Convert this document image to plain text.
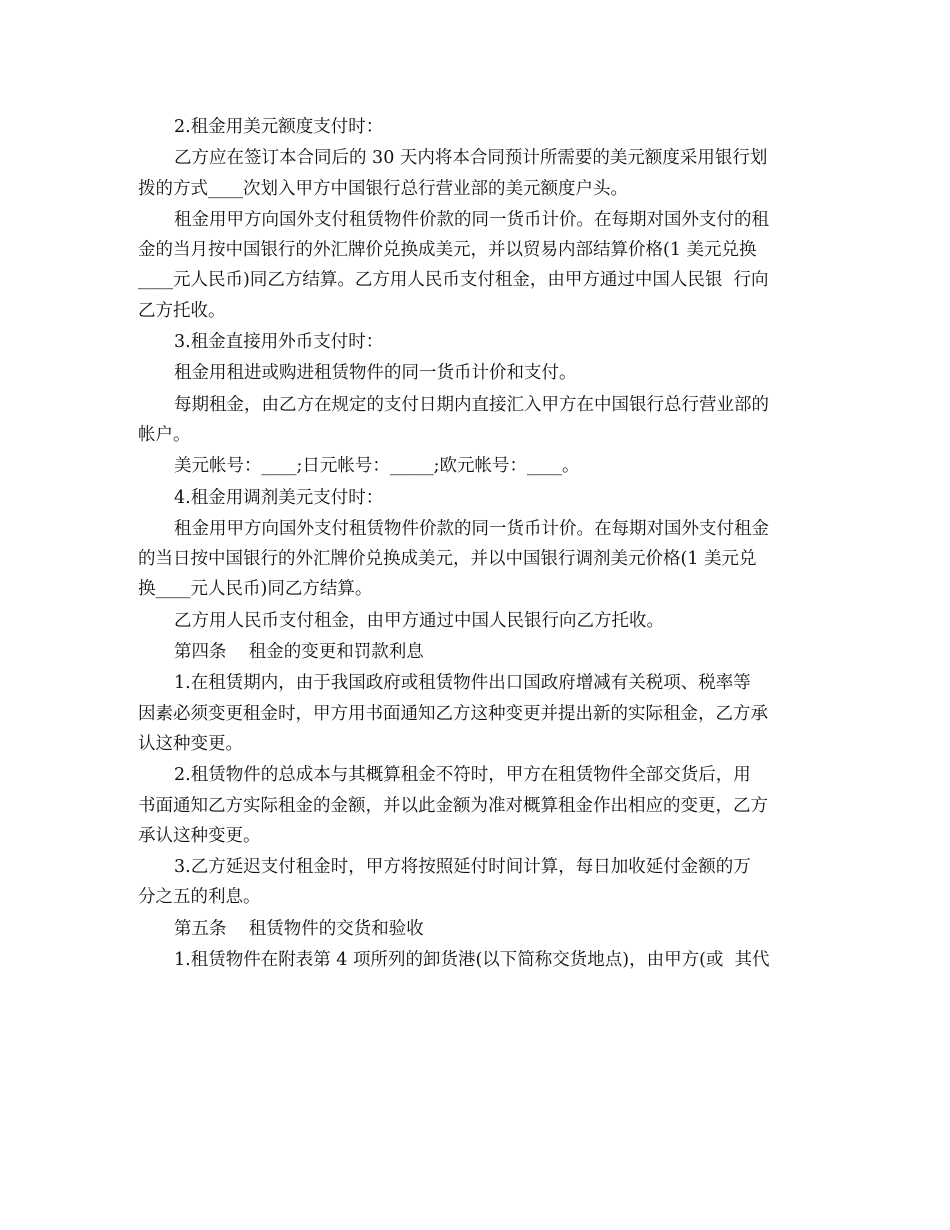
2.租金用美元额度支付时：
乙方应在签订本合同后的 30 天内将本合同预计所需要的美元额度采用银行划
拨的方式____次划入甲方中国银行总行营业部的美元额度户头。
租金用甲方向国外支付租赁物件价款的同一货币计价。在每期对国外支付的租
金的当月按中国银行的外汇牌价兑换成美元，并以贸易内部结算价格(1 美元兑换
____元人民币)同乙方结算。乙方用人民币支付租金，由甲方通过中国人民银  行向
乙方托收。
3.租金直接用外币支付时：
租金用租进或购进租赁物件的同一货币计价和支付。
每期租金，由乙方在规定的支付日期内直接汇入甲方在中国银行总行营业部的
帐户。
美元帐号：____;日元帐号：_____;欧元帐号：____。
4.租金用调剂美元支付时：
租金用甲方向国外支付租赁物件价款的同一货币计价。在每期对国外支付租金
的当日按中国银行的外汇牌价兑换成美元，并以中国银行调剂美元价格(1 美元兑
换____元人民币)同乙方结算。
乙方用人民币支付租金，由甲方通过中国人民银行向乙方托收。
第四条    租金的变更和罚款利息
1.在租赁期内，由于我国政府或租赁物件出口国政府增减有关税项、税率等
因素必须变更租金时，甲方用书面通知乙方这种变更并提出新的实际租金，乙方承
认这种变更。
2.租赁物件的总成本与其概算租金不符时，甲方在租赁物件全部交货后，用
书面通知乙方实际租金的金额，并以此金额为准对概算租金作出相应的变更，乙方
承认这种变更。
3.乙方延迟支付租金时，甲方将按照延付时间计算，每日加收延付金额的万
分之五的利息。
第五条    租赁物件的交货和验收
1.租赁物件在附表第 4 项所列的卸货港(以下简称交货地点)，由甲方(或  其代
